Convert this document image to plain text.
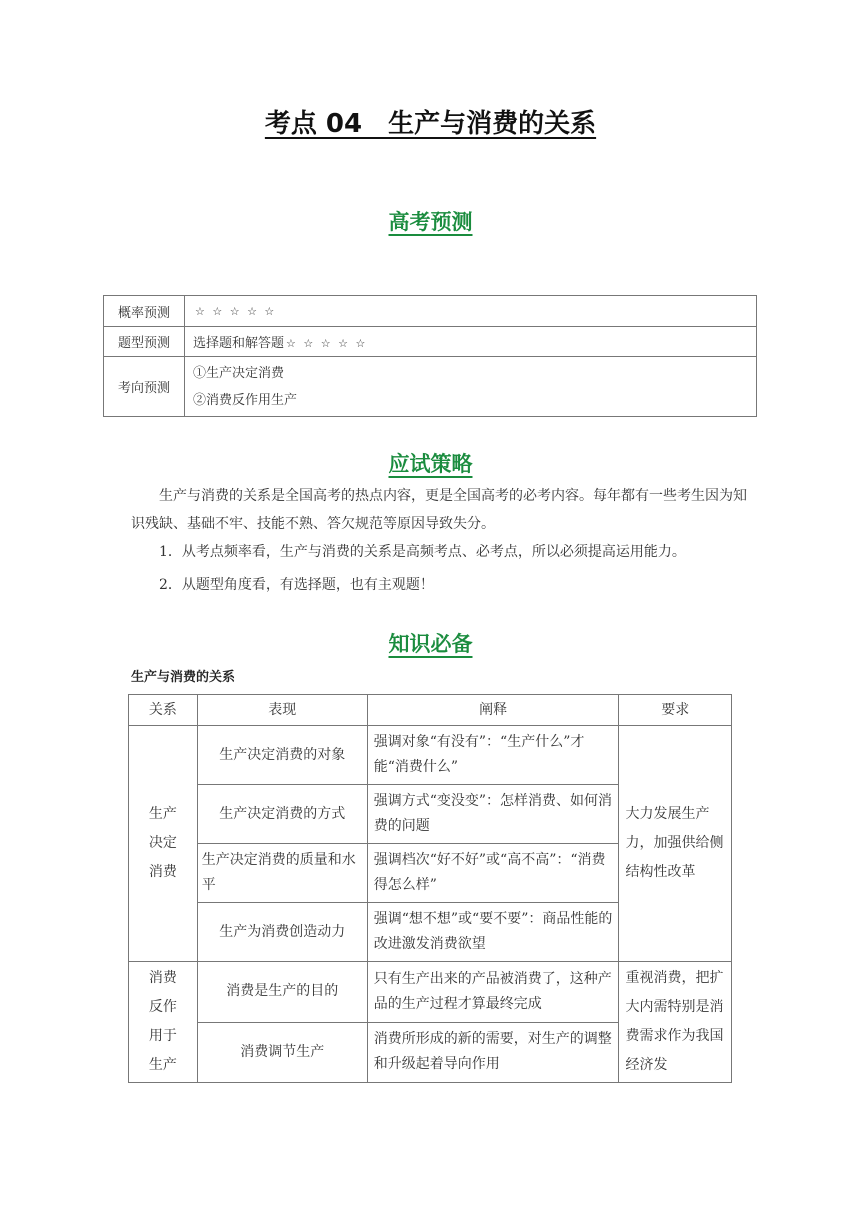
考点 04　生产与消费的关系
高考预测
概率预测	☆ ☆ ☆ ☆ ☆
题型预测	选择题和解答题 ☆ ☆ ☆ ☆ ☆
考向预测	①生产决定消费
②消费反作用生产
应试策略
生产与消费的关系是全国高考的热点内容，更是全国高考的必考内容。每年都有一些考生因为知识残缺、基础不牢、技能不熟、答欠规范等原因导致失分。
1．从考点频率看，生产与消费的关系是高频考点、必考点，所以必须提高运用能力。
2．从题型角度看，有选择题，也有主观题！
知识必备
生产与消费的关系
关系	表现	阐释	要求

生产决定消费	生产决定消费的对象	强调对象“有没有”：“生产什么”才能“消费什么”	大力发展生产力，加强供给侧结构性改革

	生产决定消费的方式	强调方式“变没变”：怎样消费、如何消费的问题	
	生产决定消费的质量和水平	强调档次“好不好”或“高不高”：“消费得怎么样”	
	生产为消费创造动力	强调“想不想”或“要不要”：商品性能的改进激发消费欲望	

消费反作用于生产	消费是生产的目的	只有生产出来的产品被消费了，这种产品的生产过程才算最终完成	重视消费，把扩大内需特别是消费需求作为我国经济发

	消费调节生产	消费所形成的新的需要，对生产的调整和升级起着导向作用	
